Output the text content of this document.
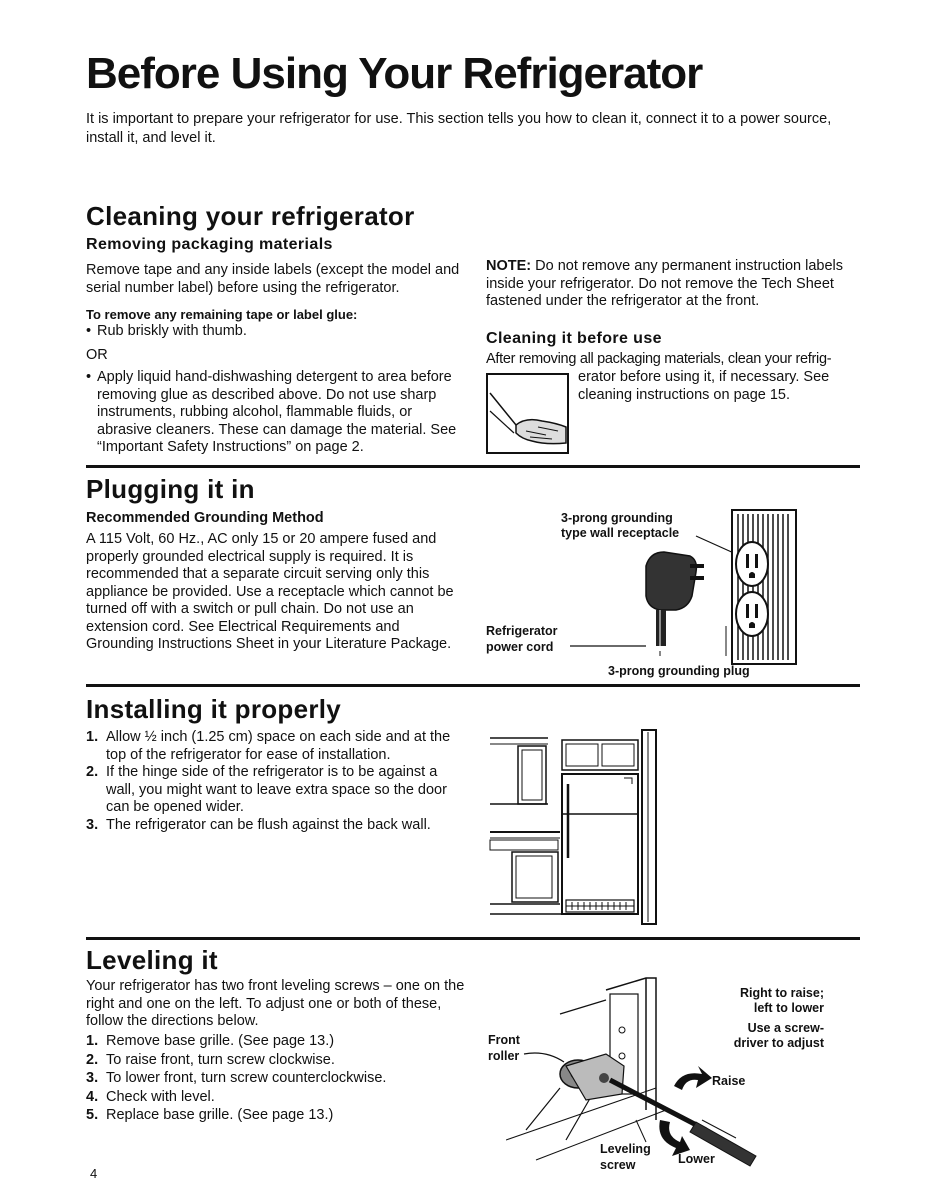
Before Using Your Refrigerator
It is important to prepare your refrigerator for use. This section tells you how to clean it, connect it to a power source, install it, and level it.
Cleaning your refrigerator
Removing packaging materials
Remove tape and any inside labels (except the model and serial number label) before using the refrigerator.
To remove any remaining tape or label glue:
• Rub briskly with thumb.
OR
• Apply liquid hand-dishwashing detergent to area before removing glue as described above. Do not use sharp instruments, rubbing alcohol, flammable fluids, or abrasive cleaners. These can damage the material. See “Important Safety Instructions” on page 2.
NOTE: Do not remove any permanent instruction labels inside your refrigerator. Do not remove the Tech Sheet fastened under the refrigerator at the front.
Cleaning it before use
After removing all packaging materials, clean your refrig-
erator before using it, if necessary. See cleaning instructions on page 15.
Plugging it in
Recommended Grounding Method
A 115 Volt, 60 Hz., AC only 15 or 20 ampere fused and properly grounded electrical supply is required. It is recommended that a separate circuit serving only this appliance be provided. Use a receptacle which cannot be turned off with a switch or pull chain. Do not use an extension cord. See Electrical Requirements and Grounding Instructions Sheet in your Literature Package.
3-prong grounding
type wall receptacle
Refrigerator
power cord
3-prong grounding plug
Installing it properly
1. Allow ½ inch (1.25 cm) space on each side and at the top of the refrigerator for ease of installation.
2. If the hinge side of the refrigerator is to be against a wall, you might want to leave extra space so the door can be opened wider.
3. The refrigerator can be flush against the back wall.
Leveling it
Your refrigerator has two front leveling screws – one on the right and one on the left. To adjust one or both of these, follow the directions below.
1. Remove base grille. (See page 13.)
2. To raise front, turn screw clockwise.
3. To lower front, turn screw counterclockwise.
4. Check with level.
5. Replace base grille. (See page 13.)
Right to raise;
left to lower
Use a screw-
driver to adjust
Front
roller
Raise
Leveling
screw	Lower
4
